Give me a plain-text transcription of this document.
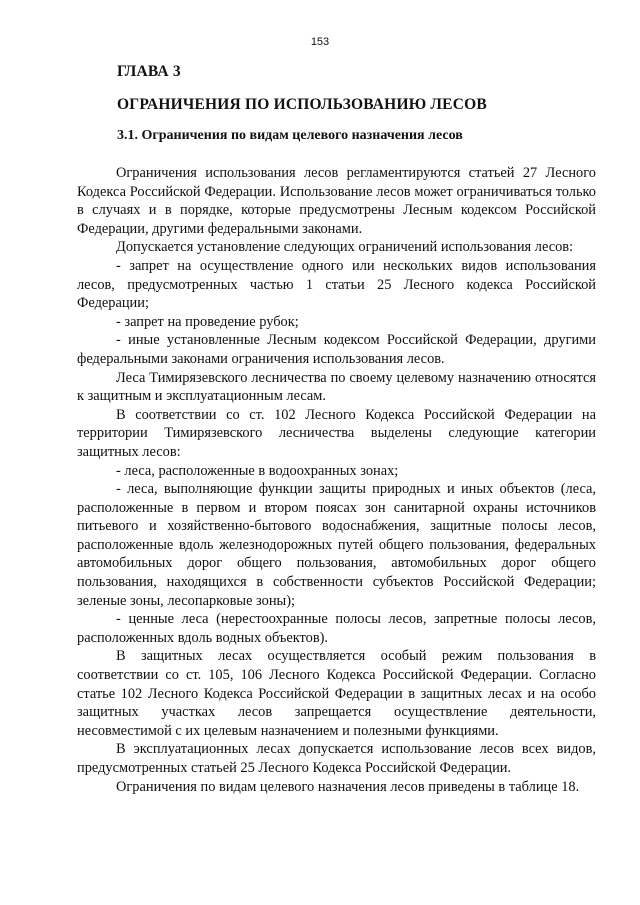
153
ГЛАВА 3
ОГРАНИЧЕНИЯ ПО ИСПОЛЬЗОВАНИЮ ЛЕСОВ
3.1. Ограничения по видам целевого назначения лесов

Ограничения использования лесов регламентируются статьей 27 Лесного Кодекса Российской Федерации. Использование лесов может ограничиваться только в случаях и в порядке, которые предусмотрены Лесным кодексом Российской Федерации, другими федеральными законами.

Допускается установление следующих ограничений использования лесов:

- запрет на осуществление одного или нескольких видов использования лесов, предусмотренных частью 1 статьи 25 Лесного кодекса Российской Федерации;

- запрет на проведение рубок;

- иные установленные Лесным кодексом Российской Федерации, другими федеральными законами ограничения использования лесов.

Леса Тимирязевского лесничества по своему целевому назначению относятся к защитным и эксплуатационным лесам.

В соответствии со ст. 102 Лесного Кодекса Российской Федерации на территории Тимирязевского лесничества выделены следующие категории защитных лесов:

- леса, расположенные в водоохранных зонах;

- леса, выполняющие функции защиты природных и иных объектов (леса, расположенные в первом и втором поясах зон санитарной охраны источников питьевого и хозяйственно-бытового водоснабжения, защитные полосы лесов, расположенные вдоль железнодорожных путей общего пользования, федеральных автомобильных дорог общего пользования, автомобильных дорог общего пользования, находящихся в собственности субъектов Российской Федерации; зеленые зоны, лесопарковые зоны);

- ценные леса (нерестоохранные полосы лесов, запретные полосы лесов, расположенных вдоль водных объектов).

В защитных лесах осуществляется особый режим пользования в соответствии со ст. 105, 106 Лесного Кодекса Российской Федерации. Согласно статье 102 Лесного Кодекса Российской Федерации в защитных лесах и на особо защитных участках лесов запрещается осуществление деятельности, несовместимой с их целевым назначением и полезными функциями.

В эксплуатационных лесах допускается использование лесов всех видов, предусмотренных статьей 25 Лесного Кодекса Российской Федерации.

Ограничения по видам целевого назначения лесов приведены в таблице 18.
